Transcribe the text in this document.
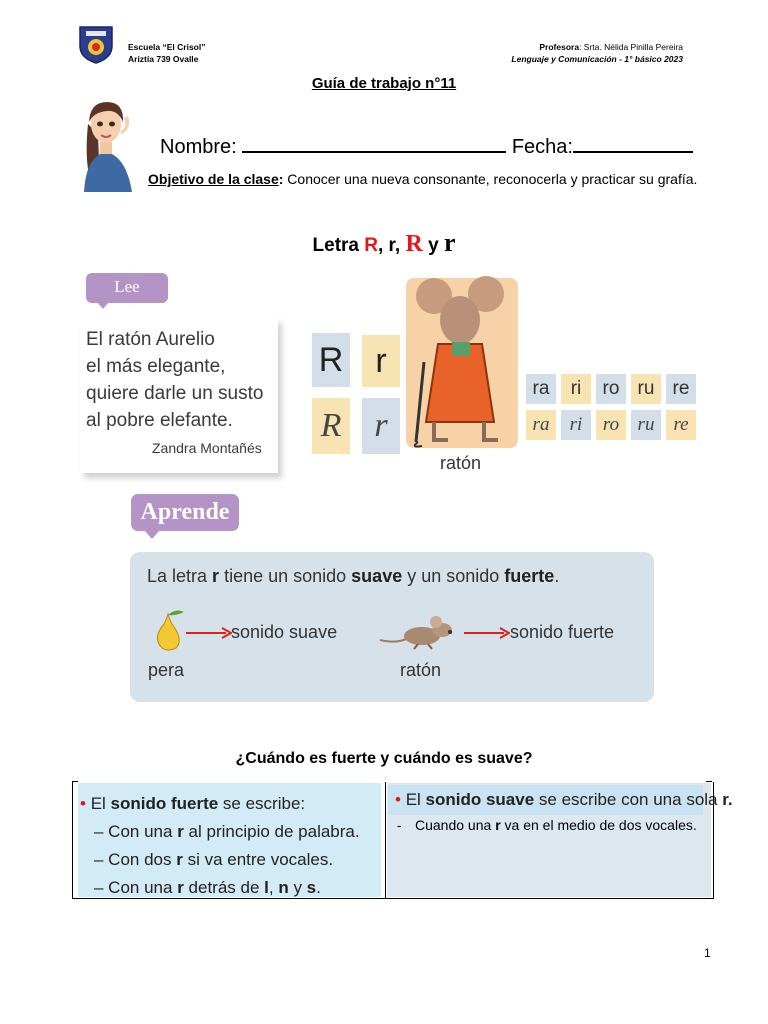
Escuela “El Crisol”
Ariztía 739 Ovalle
Profesora: Srta. Nélida Pinilla Pereira
Lenguaje y Comunicación - 1° básico 2023
Guía de trabajo n°11
Nombre:	Fecha:
Objetivo de la clase: Conocer una nueva consonante, reconocerla y practicar su grafía.
Letra R, r, R y r
Lee
El ratón Aurelio
el más elegante,
quiere darle un susto
al pobre elefante.
Zandra Montañés
R r
R r
ratón
ra	ri	ro ru re
ra	ri	ro ru re
Aprende
La letra r tiene un sonido suave y un sonido fuerte.
sonido suave
pera
sonido fuerte
ratón
¿Cuándo es fuerte y cuándo es suave?
• El sonido fuerte se escribe:
– Con una r al principio de palabra.
– Con dos r si va entre vocales.
– Con una r detrás de l, n y s.
• El sonido suave se escribe con una sola r.
- Cuando una r va en el medio de dos vocales.
1
